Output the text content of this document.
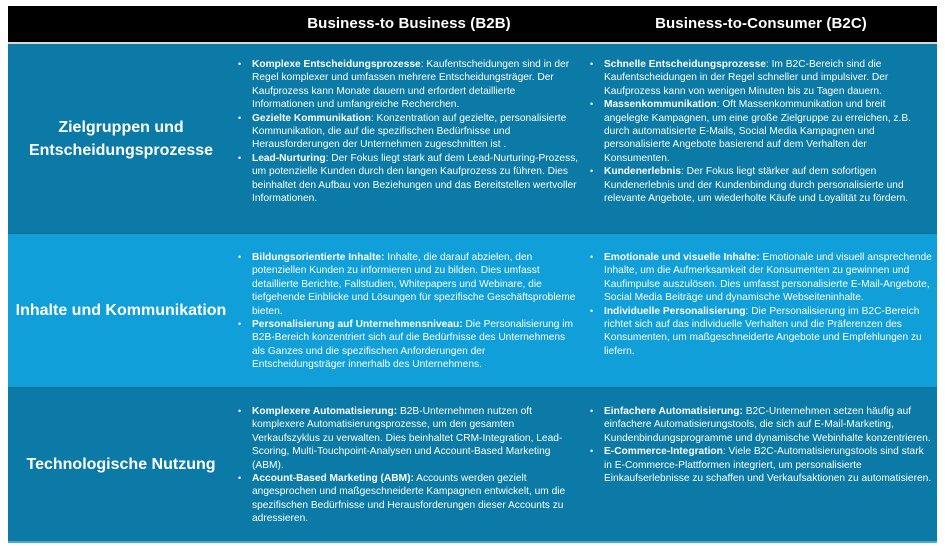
Business-to Business (B2B)	Business-to-Consumer (B2C)
Zielgruppen und Entscheidungsprozesse
• Komplexe Entscheidungsprozesse: Kaufentscheidungen sind in der Regel komplexer und umfassen mehrere Entscheidungsträger. Der Kaufprozess kann Monate dauern und erfordert detaillierte Informationen und umfangreiche Recherchen.
• Gezielte Kommunikation: Konzentration auf gezielte, personalisierte Kommunikation, die auf die spezifischen Bedürfnisse und Herausforderungen der Unternehmen zugeschnitten ist .
• Lead-Nurturing: Der Fokus liegt stark auf dem Lead-Nurturing-Prozess, um potenzielle Kunden durch den langen Kaufprozess zu führen. Dies beinhaltet den Aufbau von Beziehungen und das Bereitstellen wertvoller Informationen.
• Schnelle Entscheidungsprozesse: Im B2C-Bereich sind die Kaufentscheidungen in der Regel schneller und impulsiver. Der Kaufprozess kann von wenigen Minuten bis zu Tagen dauern.
• Massenkommunikation: Oft Massenkommunikation und breit angelegte Kampagnen, um eine große Zielgruppe zu erreichen, z.B. durch automatisierte E-Mails, Social Media Kampagnen und personalisierte Angebote basierend auf dem Verhalten der Konsumenten.
• Kundenerlebnis: Der Fokus liegt stärker auf dem sofortigen Kundenerlebnis und der Kundenbindung durch personalisierte und relevante Angebote, um wiederholte Käufe und Loyalität zu fördern.
Inhalte und Kommunikation
• Bildungsorientierte Inhalte: Inhalte, die darauf abzielen, den potenziellen Kunden zu informieren und zu bilden. Dies umfasst detaillierte Berichte, Fallstudien, Whitepapers und Webinare, die tiefgehende Einblicke und Lösungen für spezifische Geschäftsprobleme bieten.
• Personalisierung auf Unternehmensniveau: Die Personalisierung im B2B-Bereich konzentriert sich auf die Bedürfnisse des Unternehmens als Ganzes und die spezifischen Anforderungen der Entscheidungsträger innerhalb des Unternehmens.
• Emotionale und visuelle Inhalte: Emotionale und visuell ansprechende Inhalte, um die Aufmerksamkeit der Konsumenten zu gewinnen und Kaufimpulse auszulösen. Dies umfasst personalisierte E-Mail-Angebote, Social Media Beiträge und dynamische Webseiteninhalte.
• Individuelle Personalisierung: Die Personalisierung im B2C-Bereich richtet sich auf das individuelle Verhalten und die Präferenzen des Konsumenten, um maßgeschneiderte Angebote und Empfehlungen zu liefern.
Technologische Nutzung
• Komplexere Automatisierung: B2B-Unternehmen nutzen oft komplexere Automatisierungsprozesse, um den gesamten Verkaufszyklus zu verwalten. Dies beinhaltet CRM-Integration, Lead-Scoring, Multi-Touchpoint-Analysen und Account-Based Marketing (ABM).
• Account-Based Marketing (ABM): Accounts werden gezielt angesprochen und maßgeschneiderte Kampagnen entwickelt, um die spezifischen Bedürfnisse und Herausforderungen dieser Accounts zu adressieren.
• Einfachere Automatisierung: B2C-Unternehmen setzen häufig auf einfachere Automatisierungstools, die sich auf E-Mail-Marketing, Kundenbindungsprogramme und dynamische Webinhalte konzentrieren.
• E-Commerce-Integration: Viele B2C-Automatisierungstools sind stark in E-Commerce-Plattformen integriert, um personalisierte Einkaufserlebnisse zu schaffen und Verkaufsaktionen zu automatisieren.
